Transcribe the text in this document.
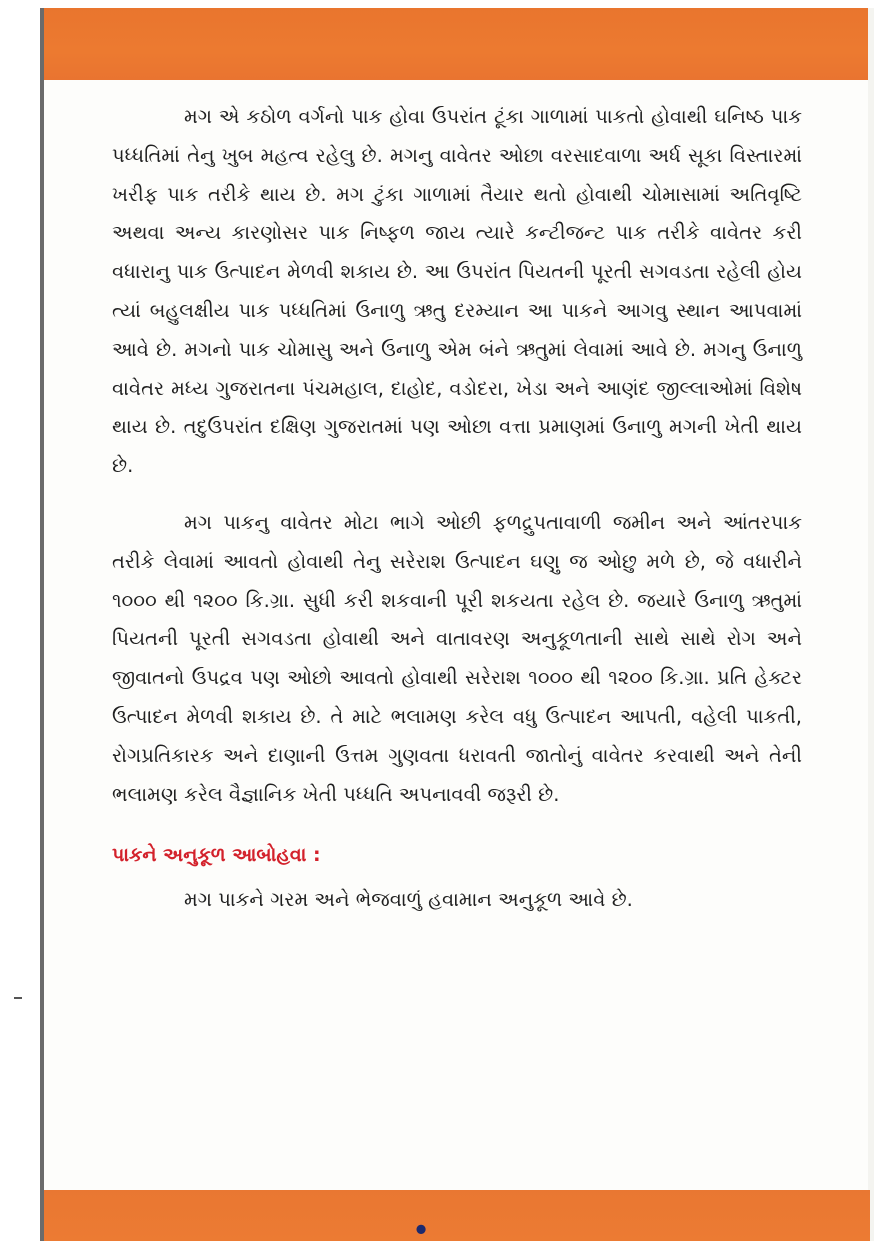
મગ એ કઠોળ વર્ગનો પાક હોવા ઉપરાંત ટૂંકા ગાળામાં પાકતો હોવાથી ઘનિષ્ઠ પાક પધ્ધતિમાં તેનુ ખુબ મહત્વ રહેલુ છે. મગનુ વાવેતર ઓછા વરસાદવાળા અર્ધ સૂકા વિસ્તારમાં ખરીફ પાક તરીકે થાય છે. મગ ટુંકા ગાળામાં તૈયાર થતો હોવાથી ચોમાસામાં અતિવૃષ્ટિ અથવા અન્ય કારણોસર પાક નિષ્ફળ જાય ત્યારે કન્ટીજન્ટ પાક તરીકે વાવેતર કરી વધારાનુ પાક ઉત્પાદન મેળવી શકાય છે. આ ઉપરાંત પિયતની પૂરતી સગવડતા રહેલી હોય ત્યાં બહુલક્ષીય પાક પધ્ધતિમાં ઉનાળુ ઋતુ દરમ્યાન આ પાકને આગવુ સ્થાન આપવામાં આવે છે. મગનો પાક ચોમાસુ અને ઉનાળુ એમ બંને ઋતુમાં લેવામાં આવે છે. મગનુ ઉનાળુ વાવેતર મધ્ય ગુજરાતના પંચમહાલ, દાહોદ, વડોદરા, ખેડા અને આણંદ જીલ્લાઓમાં વિશેષ થાય છે. તદુઉપરાંત દક્ષિણ ગુજરાતમાં પણ ઓછા વત્તા પ્રમાણમાં ઉનાળુ મગની ખેતી થાય છે.

મગ પાકનુ વાવેતર મોટા ભાગે ઓછી ફળદ્રુપતાવાળી જમીન અને આંતરપાક તરીકે લેવામાં આવતો હોવાથી તેનુ સરેરાશ ઉત્પાદન ઘણુ જ ઓછુ મળે છે, જે વધારીને ૧૦૦૦ થી ૧૨૦૦ કિ.ગ્રા. સુધી કરી શકવાની પૂરી શકયતા રહેલ છે. જયારે ઉનાળુ ઋતુમાં પિયતની પૂરતી સગવડતા હોવાથી અને વાતાવરણ અનુકૂળતાની સાથે સાથે રોગ અને જીવાતનો ઉપદ્રવ પણ ઓછો આવતો હોવાથી સરેરાશ ૧૦૦૦ થી ૧૨૦૦ કિ.ગ્રા. પ્રતિ હેક્ટર ઉત્પાદન મેળવી શકાય છે. તે માટે ભલામણ કરેલ વધુ ઉત્પાદન આપતી, વહેલી પાકતી, રોગપ્રતિકારક અને દાણાની ઉત્તમ ગુણવતા ધરાવતી જાતોનું વાવેતર કરવાથી અને તેની ભલામણ કરેલ વૈજ્ઞાનિક ખેતી પધ્ધતિ અપનાવવી જરૂરી છે.

પાકને અનુકૂળ આબોહવા :

મગ પાકને ગરમ અને ભેજવાળું હવામાન અનુકૂળ આવે છે.

•
